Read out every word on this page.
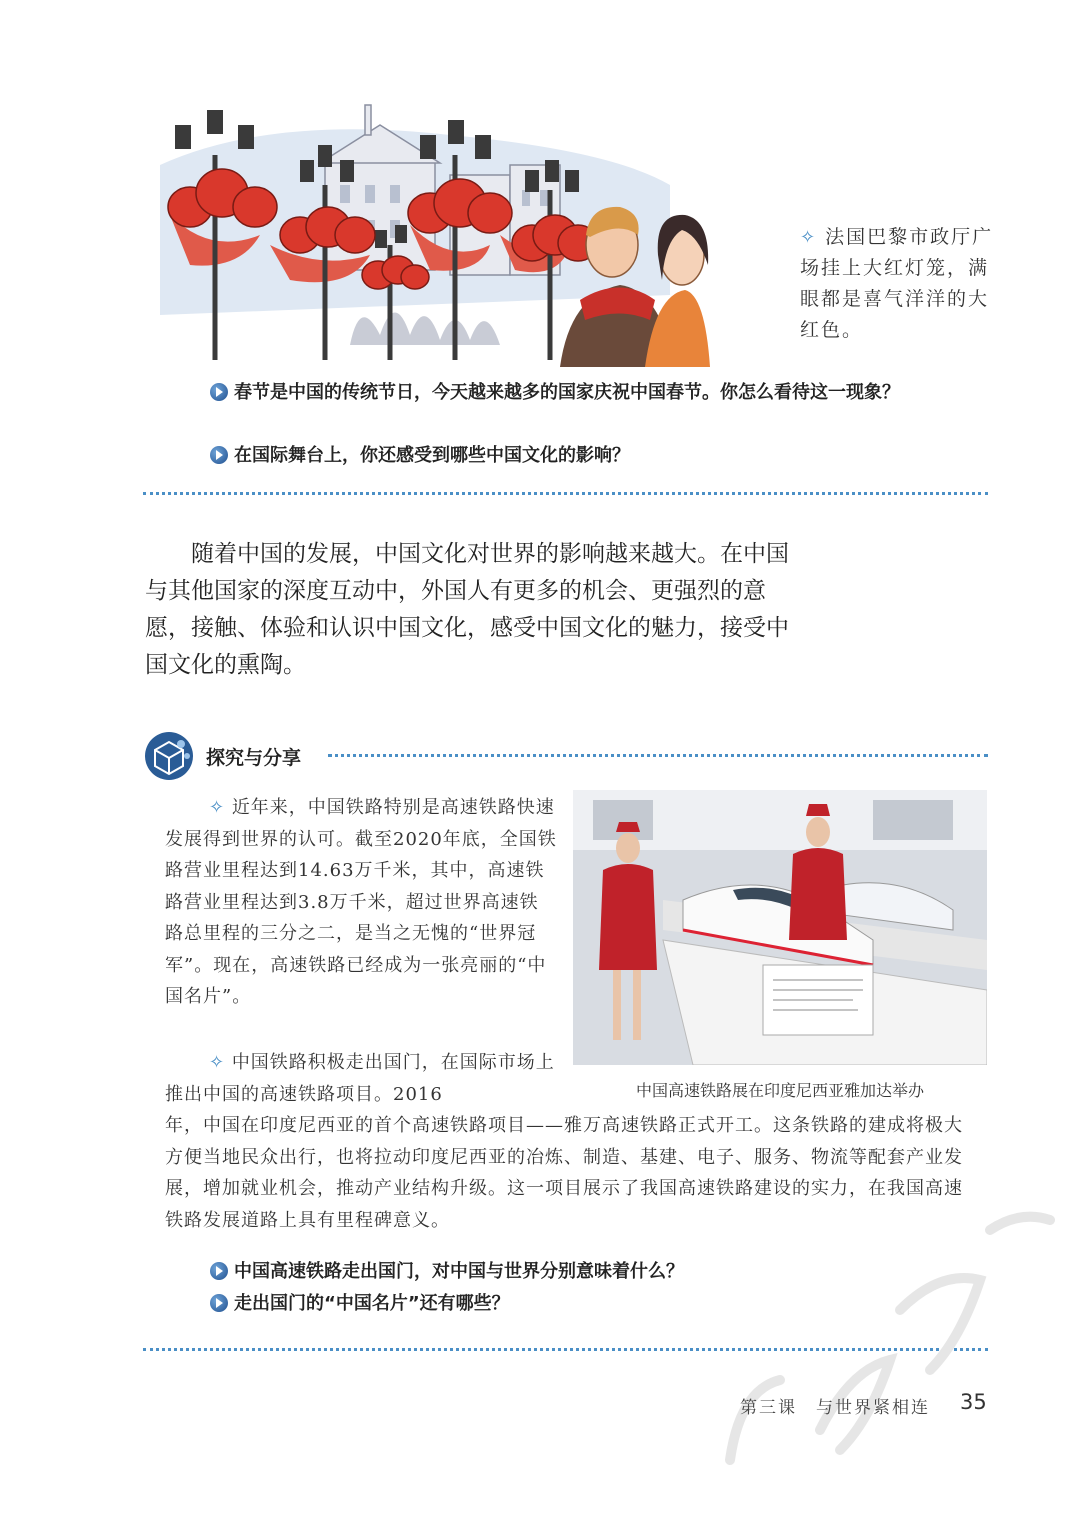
✧ 法国巴黎市政厅广场挂上大红灯笼，满眼都是喜气洋洋的大红色。
春节是中国的传统节日，今天越来越多的国家庆祝中国春节。你怎么看待这一现象？
在国际舞台上，你还感受到哪些中国文化的影响？

随着中国的发展，中国文化对世界的影响越来越大。在中国与其他国家的深度互动中，外国人有更多的机会、更强烈的意愿，接触、体验和认识中国文化，感受中国文化的魅力，接受中国文化的熏陶。

探究与分享
✧ 近年来，中国铁路特别是高速铁路快速发展得到世界的认可。截至2020年底，全国铁路营业里程达到14.63万千米，其中，高速铁路营业里程达到3.8万千米，超过世界高速铁路总里程的三分之二，是当之无愧的“世界冠军”。现在，高速铁路已经成为一张亮丽的“中国名片”。
✧ 中国铁路积极走出国门，在国际市场上推出中国的高速铁路项目。2016	中国高速铁路展在印度尼西亚雅加达举办
年，中国在印度尼西亚的首个高速铁路项目——雅万高速铁路正式开工。这条铁路的建成将极大方便当地民众出行，也将拉动印度尼西亚的冶炼、制造、基建、电子、服务、物流等配套产业发展，增加就业机会，推动产业结构升级。这一项目展示了我国高速铁路建设的实力，在我国高速铁路发展道路上具有里程碑意义。
中国高速铁路走出国门，对中国与世界分别意味着什么？
走出国门的“中国名片”还有哪些？
第三课　与世界紧相连 35
